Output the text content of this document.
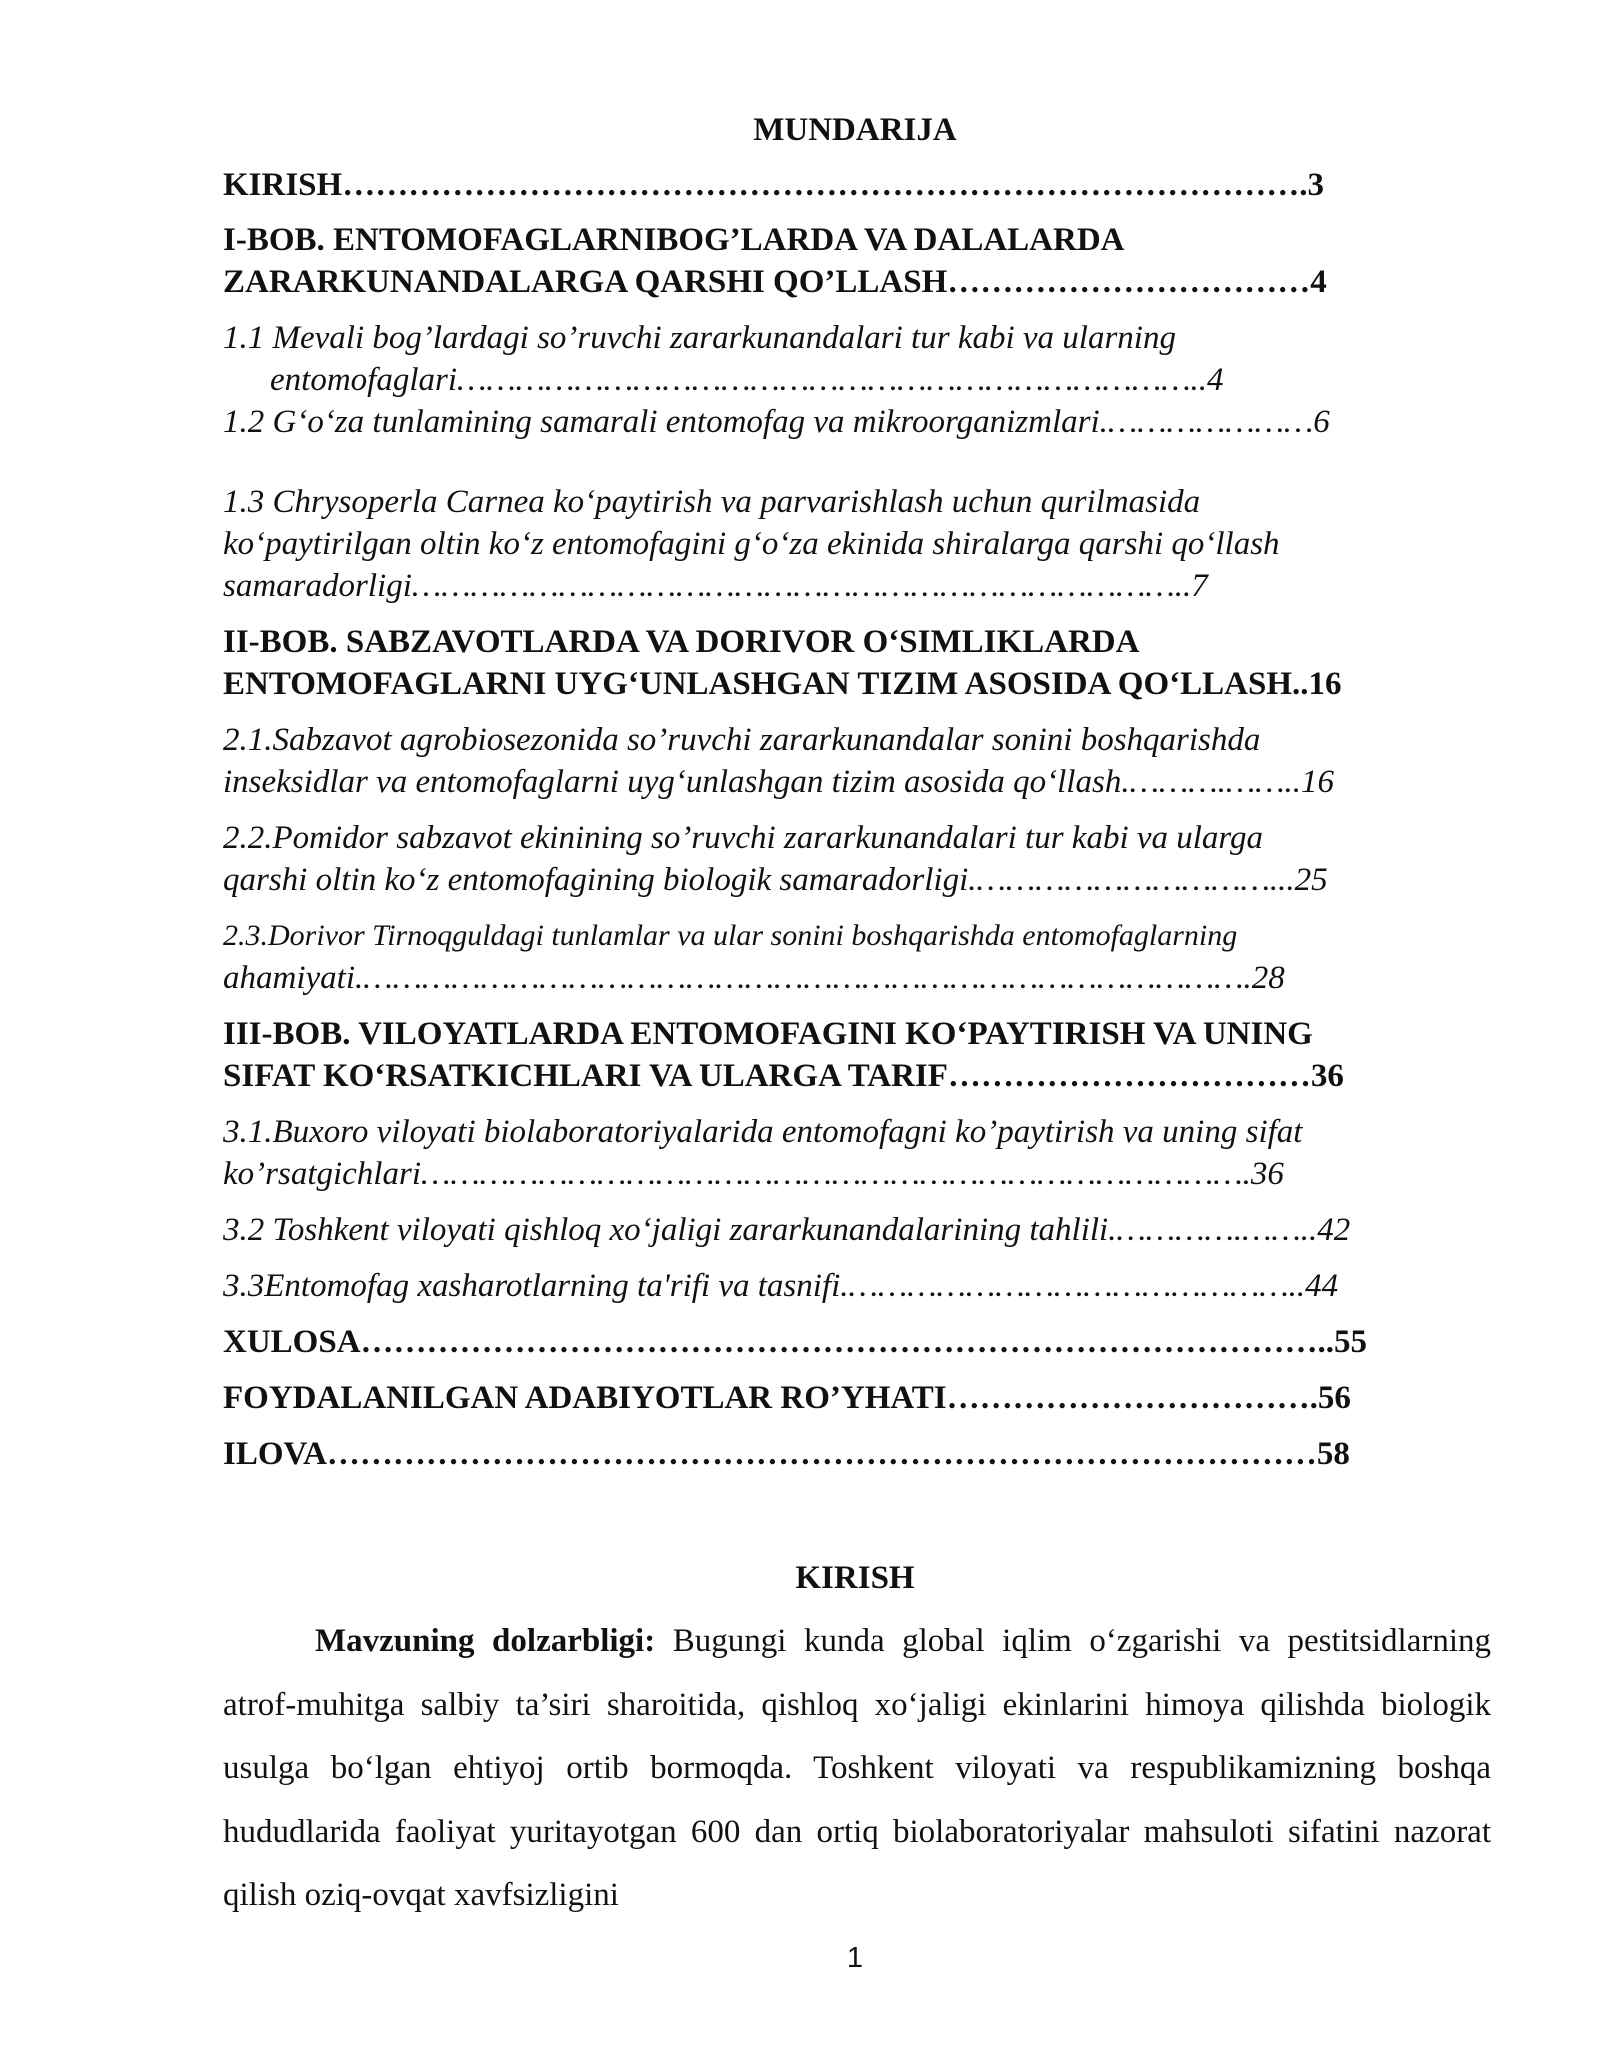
MUNDARIJA

KIRISH…………………………………………………………………………….3

I-BOB. ENTOMOFAGLARNIBOG’LARDA VA DALALARDA

ZARARKUNANDALARGA QARSHI QO’LLASH……………………………4

1.1 Mevali bog’lardagi so’ruvchi zararkunandalari tur kabi va ularning

entomofaglari…………………………………………………………………..4

1.2 G‘o‘za tunlamining samarali entomofag va mikroorganizmlari.…………………6

1.3 Chrysoperla Carnea ko‘paytirish va parvarishlash uchun qurilmasida

ko‘paytirilgan oltin ko‘z entomofagini g‘o‘za ekinida shiralarga qarshi qo‘llash

samaradorligi……………………………………………………………………..7

II-BOB. SABZAVOTLARDA VA DORIVOR O‘SIMLIKLARDA

ENTOMOFAGLARNI UYG‘UNLASHGAN TIZIM ASOSIDA QO‘LLASH..16

2.1.Sabzavot agrobiosezonida so’ruvchi zararkunandalar sonini boshqarishda

inseksidlar va entomofaglarni uyg‘unlashgan tizim asosida qo‘llash.……….……..16

2.2.Pomidor sabzavot ekinining so’ruvchi zararkunandalari tur kabi va ularga

qarshi oltin ko‘z entomofagining biologik samaradorligi.…………………………...25

2.3.Dorivor Tirnoqguldagi tunlamlar va ular sonini boshqarishda entomofaglarning

ahamiyati.……………………………………………………………………………….28

III-BOB. VILOYATLARDA ENTOMOFAGINI KO‘PAYTIRISH VA UNING

SIFAT KO‘RSATKICHLARI VA ULARGA TARIF……………………………36

3.1.Buxoro viloyati biolaboratoriyalarida entomofagni ko’paytirish va uning sifat

ko’rsatgichlari………………………………………………………………………….36

3.2 Toshkent viloyati qishloq xo‘jaligi zararkunandalarining tahlili.………….……..42

3.3Entomofag xasharotlarning ta'rifi va tasnifi.………………………………………..44

XULOSA……………………………………………………………………………..55

FOYDALANILGAN ADABIYOTLAR RO’YHATI…………………………….56

ILOVA………………………………………………………………………………58

KIRISH

Mavzuning dolzarbligi: Bugungi kunda global iqlim o‘zgarishi va pestitsidlarning atrof-muhitga salbiy ta’siri sharoitida, qishloq xo‘jaligi ekinlarini himoya qilishda biologik usulga bo‘lgan ehtiyoj ortib bormoqda. Toshkent viloyati va respublikamizning boshqa hududlarida faoliyat yuritayotgan 600 dan ortiq biolaboratoriyalar mahsuloti sifatini nazorat qilish oziq-ovqat xavfsizligini

1
